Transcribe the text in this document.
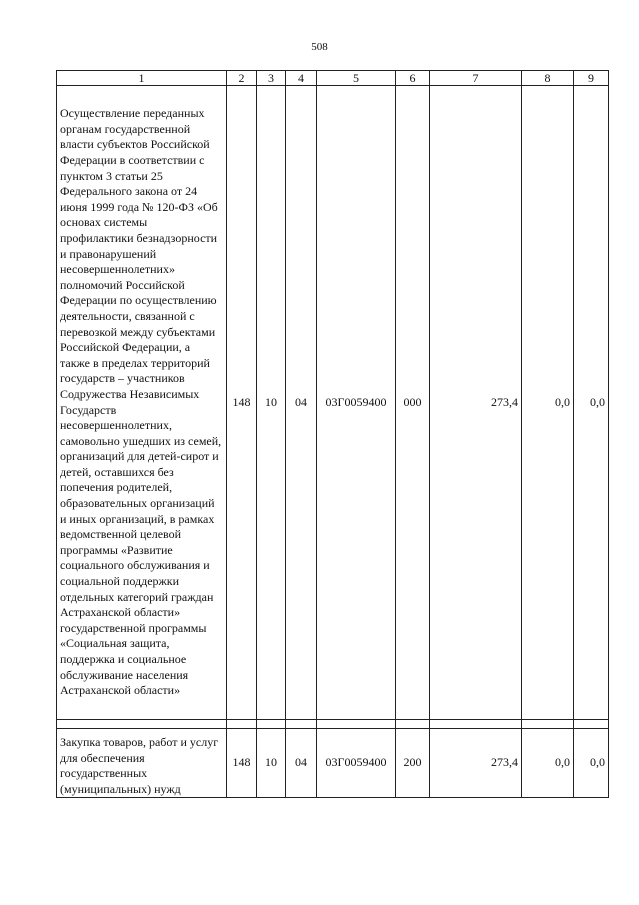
508
1	2	3	4	5	6	7	8	9
Осуществление переданных органам государственной власти субъектов Российской Федерации в соответствии с пунктом 3 статьи 25 Федерального закона от 24 июня 1999 года № 120-ФЗ «Об основах системы профилактики безнадзорности и правонарушений несовершеннолетних» полномочий Российской Федерации по осуществлению деятельности, связанной с перевозкой между субъектами Российской Федерации, а также в пределах территорий государств – участников Содружества Независимых Государств несовершеннолетних, самовольно ушедших из семей, организаций для детей-сирот и детей, оставшихся без попечения родителей, образовательных организаций и иных организаций, в рамках ведомственной целевой программы «Развитие социального обслуживания и социальной поддержки отдельных категорий граждан Астраханской области» государственной программы «Социальная защита, поддержка и социальное обслуживание населения Астраханской области»	148	10	04	03Г0059400	000	273,4	0,0	0,0

Закупка товаров, работ и услуг для обеспечения государственных (муниципальных) нужд	148	10	04	03Г0059400	200	273,4	0,0	0,0
